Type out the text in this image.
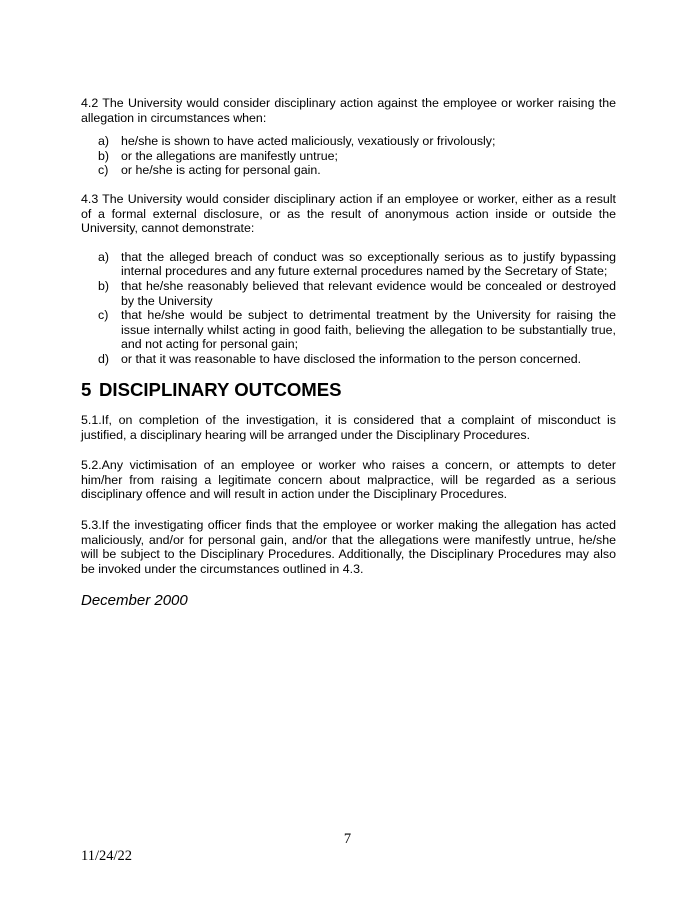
4.2 The University would consider disciplinary action against the employee or worker raising the allegation in circumstances when:

a) he/she is shown to have acted maliciously, vexatiously or frivolously;
b) or the allegations are manifestly untrue;
c) or he/she is acting for personal gain.

4.3 The University would consider disciplinary action if an employee or worker, either as a result of a formal external disclosure, or as the result of anonymous action inside or outside the University, cannot demonstrate:

a) that the alleged breach of conduct was so exceptionally serious as to justify bypassing internal procedures and any future external procedures named by the Secretary of State;
b) that he/she reasonably believed that relevant evidence would be concealed or destroyed by the University
c) that he/she would be subject to detrimental treatment by the University for raising the issue internally whilst acting in good faith, believing the allegation to be substantially true, and not acting for personal gain;
d) or that it was reasonable to have disclosed the information to the person concerned.
5 DISCIPLINARY OUTCOMES

5.1.If, on completion of the investigation, it is considered that a complaint of misconduct is justified, a disciplinary hearing will be arranged under the Disciplinary Procedures.

5.2.Any victimisation of an employee or worker who raises a concern, or attempts to deter him/her from raising a legitimate concern about malpractice, will be regarded as a serious disciplinary offence and will result in action under the Disciplinary Procedures.

5.3.If the investigating officer finds that the employee or worker making the allegation has acted maliciously, and/or for personal gain, and/or that the allegations were manifestly untrue, he/she will be subject to the Disciplinary Procedures. Additionally, the Disciplinary Procedures may also be invoked under the circumstances outlined in 4.3.

December 2000

7
11/24/22
